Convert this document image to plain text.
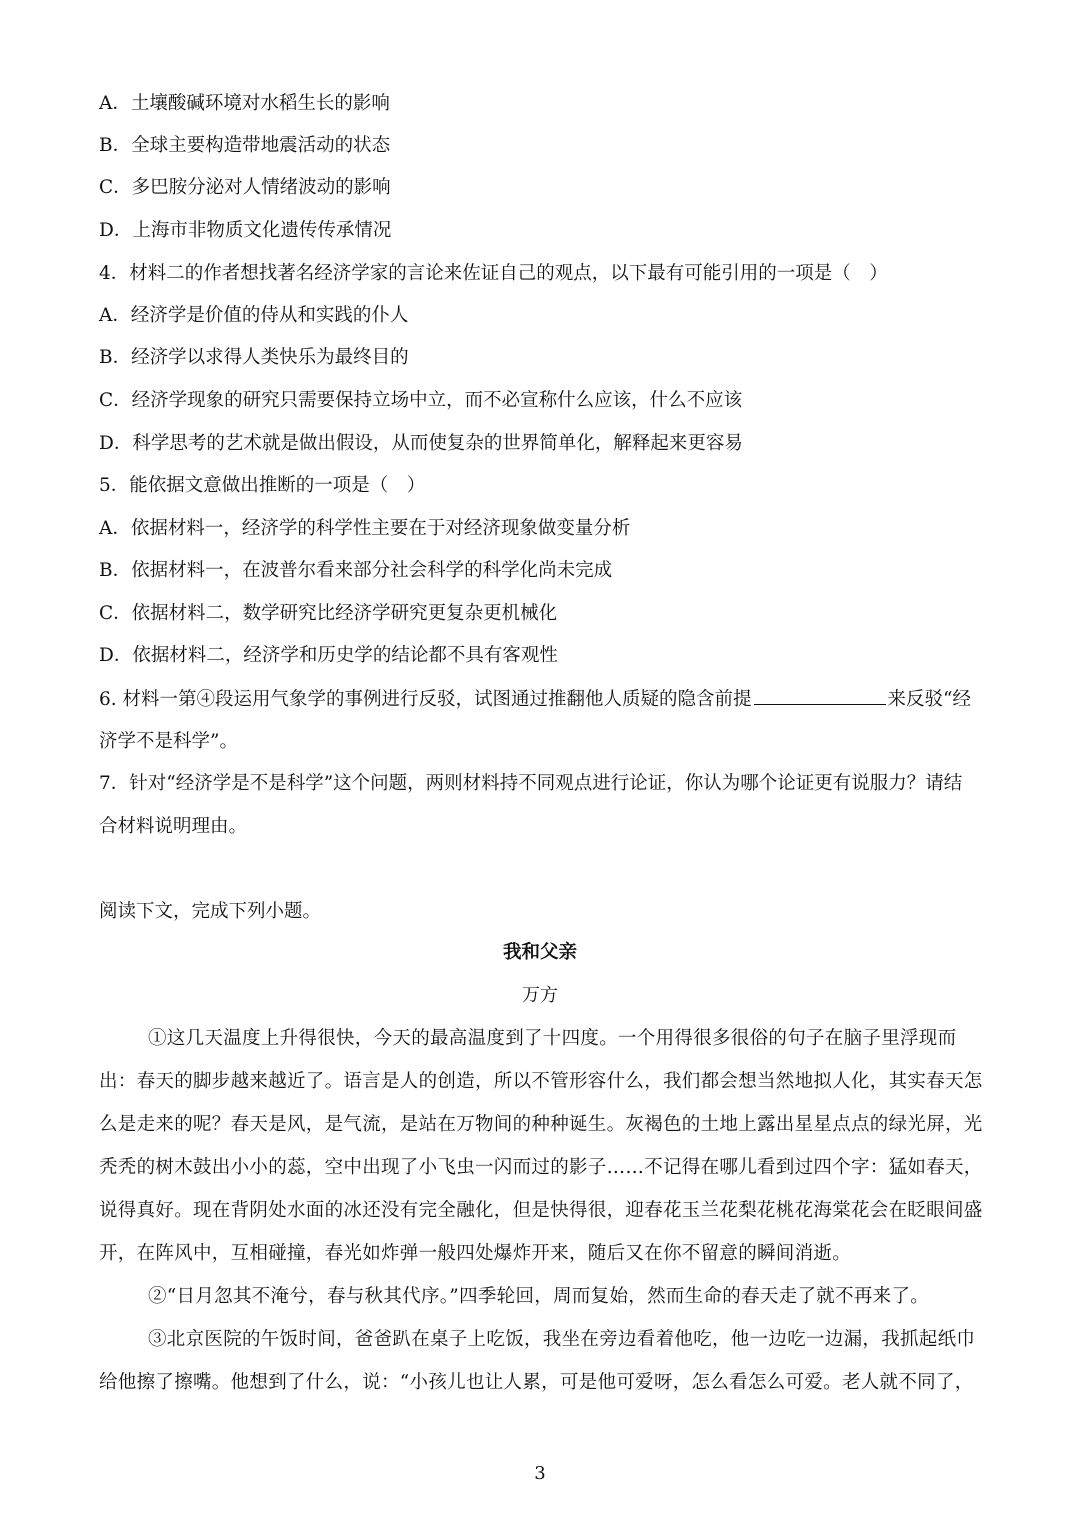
A．土壤酸碱环境对水稻生长的影响
B．全球主要构造带地震活动的状态
C．多巴胺分泌对人情绪波动的影响
D．上海市非物质文化遗传传承情况
4．材料二的作者想找著名经济学家的言论来佐证自己的观点，以下最有可能引用的一项是（　）
A．经济学是价值的侍从和实践的仆人
B．经济学以求得人类快乐为最终目的
C．经济学现象的研究只需要保持立场中立，而不必宣称什么应该，什么不应该
D．科学思考的艺术就是做出假设，从而使复杂的世界简单化，解释起来更容易
5．能依据文意做出推断的一项是（　）
A．依据材料一，经济学的科学性主要在于对经济现象做变量分析
B．依据材料一，在波普尔看来部分社会科学的科学化尚未完成
C．依据材料二，数学研究比经济学研究更复杂更机械化
D．依据材料二，经济学和历史学的结论都不具有客观性
6. 材料一第④段运用气象学的事例进行反驳，试图通过推翻他人质疑的隐含前提	来反驳“经
济学不是科学”。
7．针对“经济学是不是科学”这个问题，两则材料持不同观点进行论证，你认为哪个论证更有说服力？请结
合材料说明理由。
阅读下文，完成下列小题。
我和父亲
万方
①这几天温度上升得很快，今天的最高温度到了十四度。一个用得很多很俗的句子在脑子里浮现而出：春天的脚步越来越近了。语言是人的创造，所以不管形容什么，我们都会想当然地拟人化，其实春天怎么是走来的呢？春天是风，是气流，是站在万物间的种种诞生。灰褐色的土地上露出星星点点的绿光屏，光秃秃的树木鼓出小小的蕊，空中出现了小飞虫一闪而过的影子……不记得在哪儿看到过四个字：猛如春天，说得真好。现在背阴处水面的冰还没有完全融化，但是快得很，迎春花玉兰花梨花桃花海棠花会在眨眼间盛开，在阵风中，互相碰撞，春光如炸弹一般四处爆炸开来，随后又在你不留意的瞬间消逝。
②“日月忽其不淹兮，春与秋其代序。”四季轮回，周而复始，然而生命的春天走了就不再来了。
③北京医院的午饭时间，爸爸趴在桌子上吃饭，我坐在旁边看着他吃，他一边吃一边漏，我抓起纸巾给他擦了擦嘴。他想到了什么，说：“小孩儿也让人累，可是他可爱呀，怎么看怎么可爱。老人就不同了，
3
